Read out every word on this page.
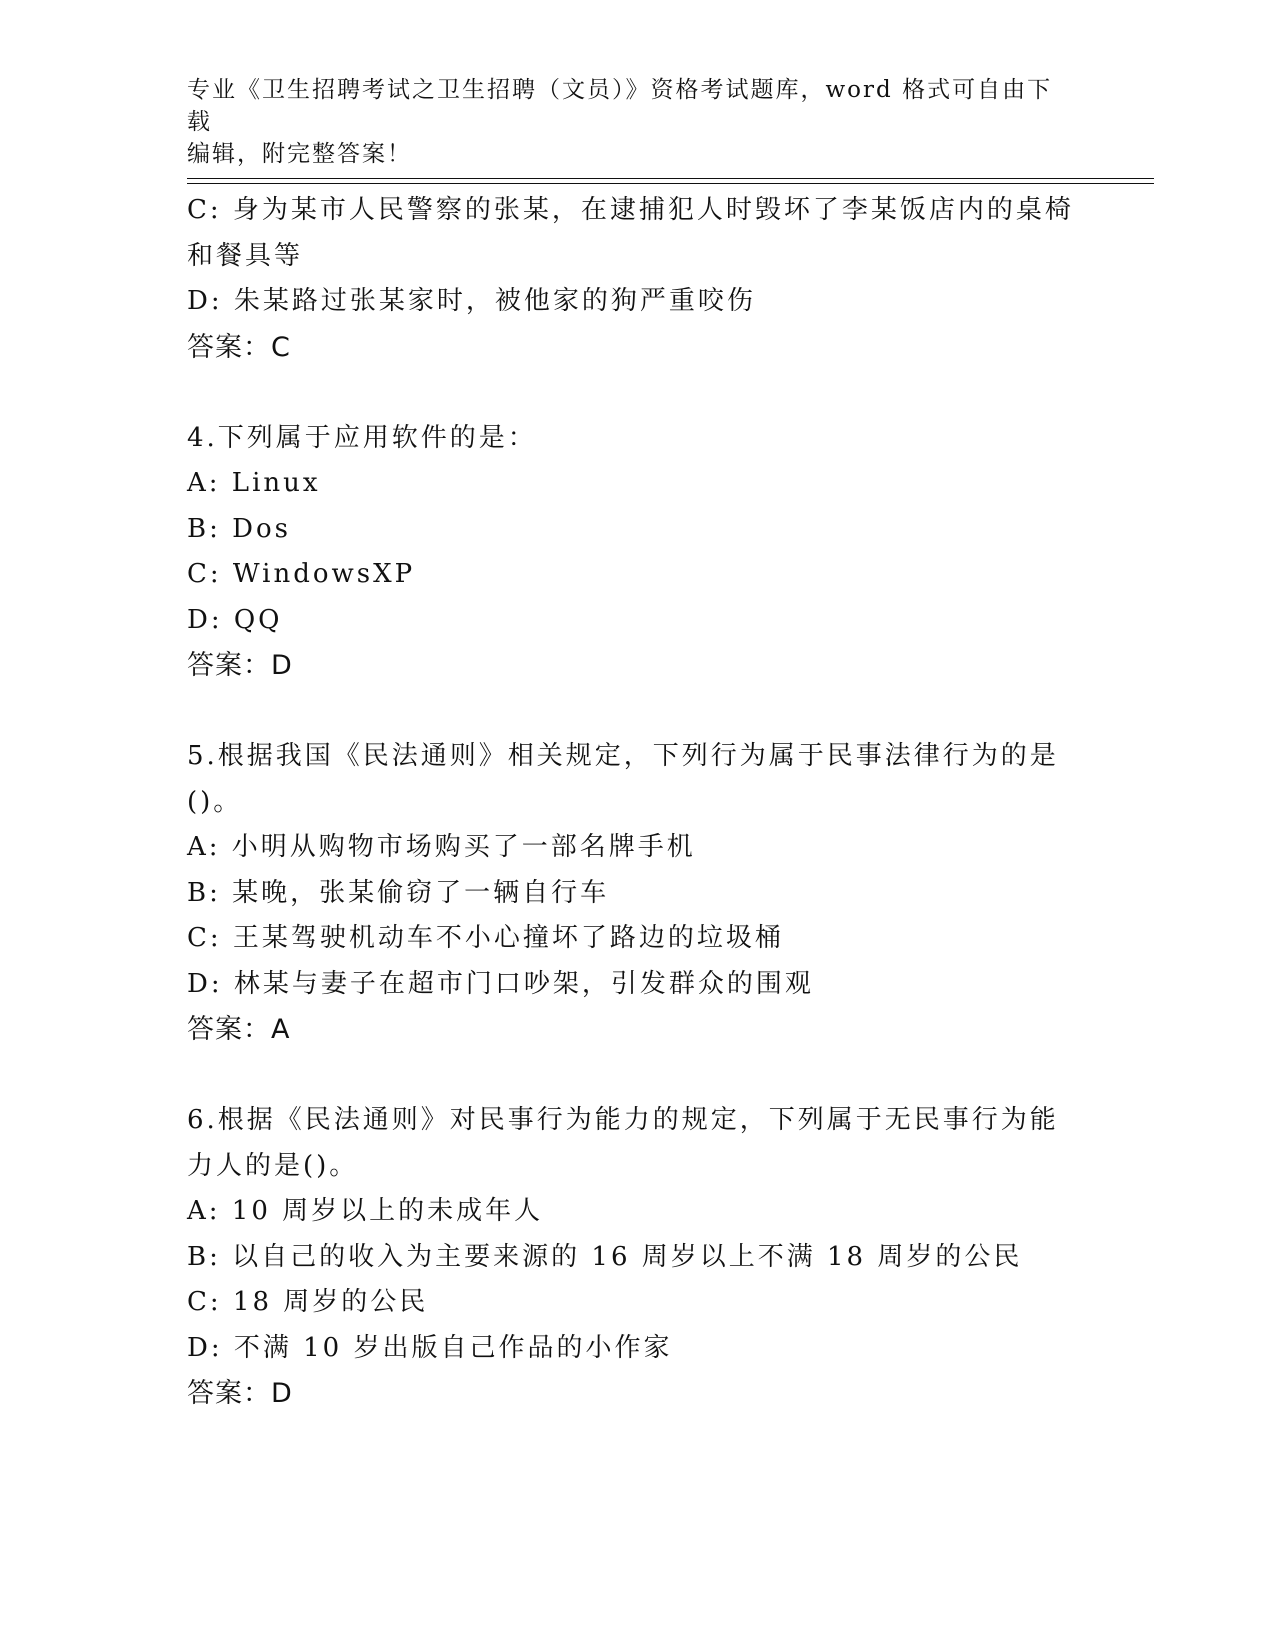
专业《卫生招聘考试之卫生招聘（文员）》资格考试题库，word 格式可自由下载
编辑，附完整答案！
C: 身为某市人民警察的张某，在逮捕犯人时毁坏了李某饭店内的桌椅
和餐具等
D: 朱某路过张某家时，被他家的狗严重咬伤
答案：C
4.下列属于应用软件的是：
A: Linux
B: Dos
C: WindowsXP
D: QQ
答案：D
5.根据我国《民法通则》相关规定，下列行为属于民事法律行为的是
()。
A: 小明从购物市场购买了一部名牌手机
B: 某晚，张某偷窃了一辆自行车
C: 王某驾驶机动车不小心撞坏了路边的垃圾桶
D: 林某与妻子在超市门口吵架，引发群众的围观
答案：A
6.根据《民法通则》对民事行为能力的规定，下列属于无民事行为能
力人的是()。
A: 10 周岁以上的未成年人
B: 以自己的收入为主要来源的 16 周岁以上不满 18 周岁的公民
C: 18 周岁的公民
D: 不满 10 岁出版自己作品的小作家
答案：D
